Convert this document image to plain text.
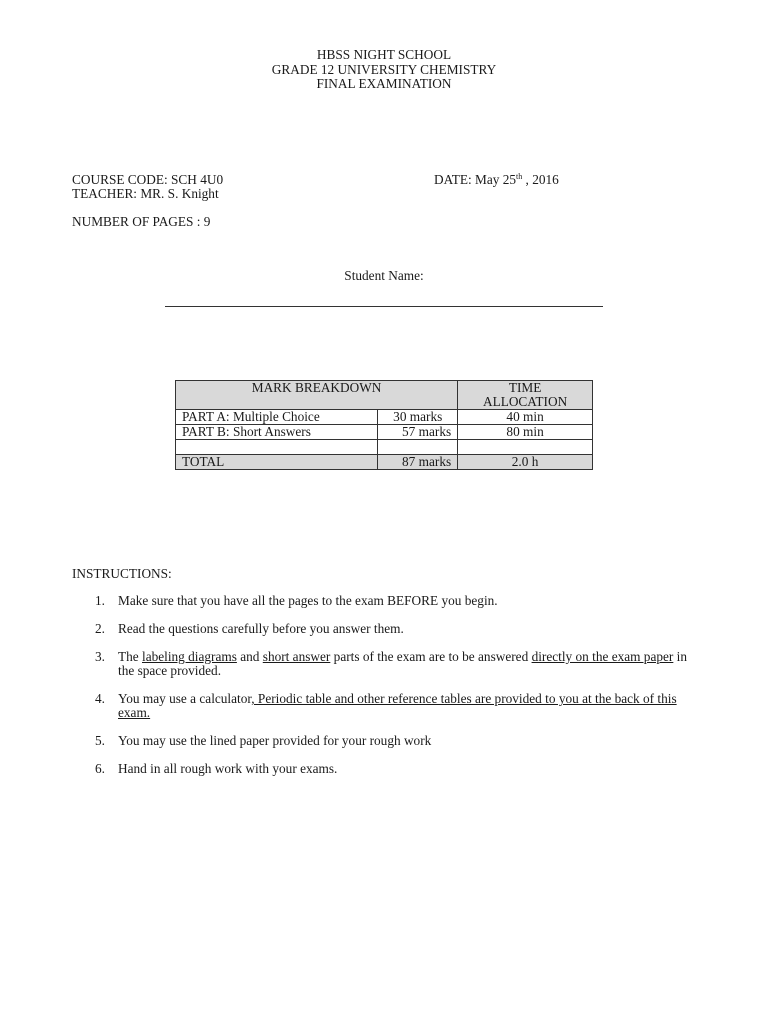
HBSS NIGHT SCHOOL
GRADE 12 UNIVERSITY CHEMISTRY
FINAL EXAMINATION
COURSE CODE: SCH 4U0	DATE: May 25th , 2016
TEACHER: MR. S. Knight
NUMBER OF PAGES : 9
Student Name:
MARK BREAKDOWN		TIME
ALLOCATION

PART A: Multiple Choice	30 marks	40 min
PART B: Short Answers	57 marks	80 min

TOTAL	87 marks	2.0 h
INSTRUCTIONS:
1. Make sure that you have all the pages to the exam BEFORE you begin.
2. Read the questions carefully before you answer them.
3. The labeling diagrams and short answer parts of the exam are to be answered directly on the exam paper in the space provided.
4. You may use a calculator, Periodic table and other reference tables are provided to you at the back of this exam.
5. You may use the lined paper provided for your rough work
6. Hand in all rough work with your exams.
